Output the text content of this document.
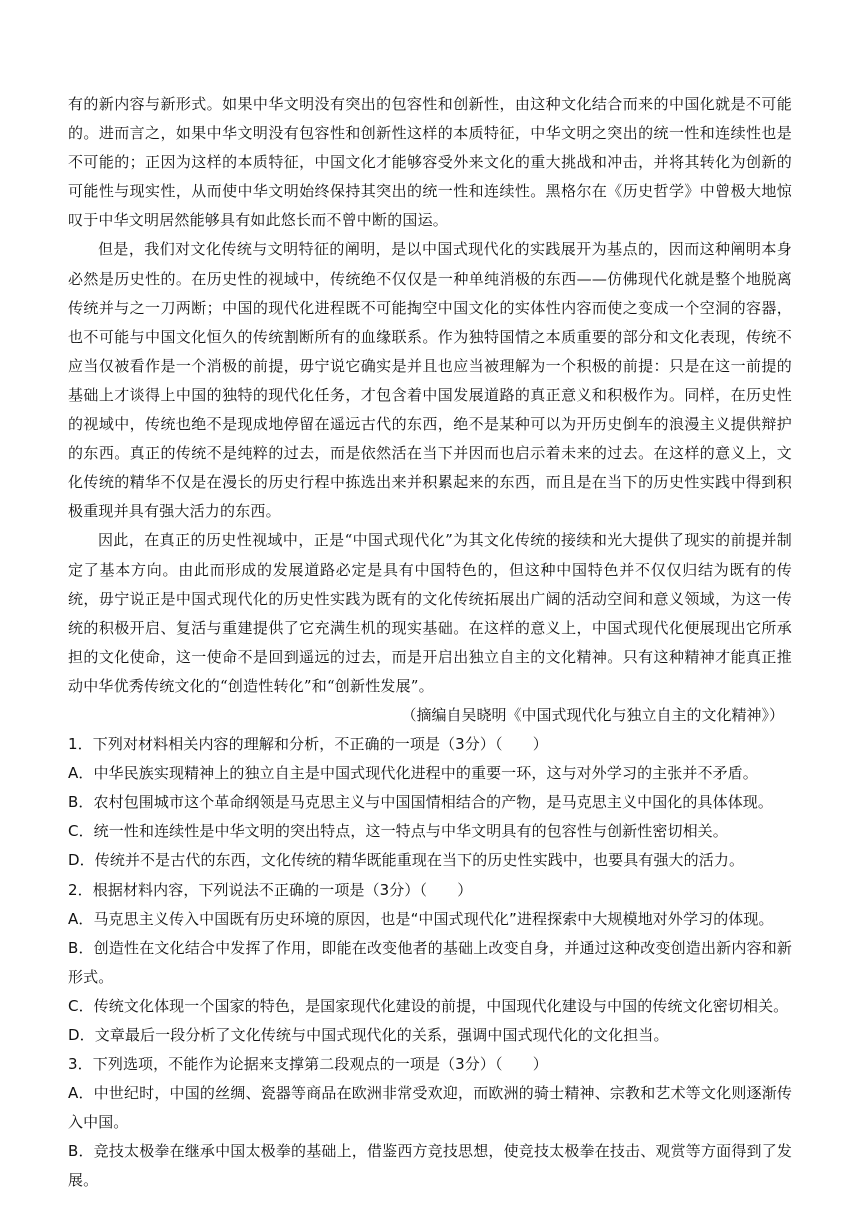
有的新内容与新形式。如果中华文明没有突出的包容性和创新性，由这种文化结合而来的中国化就是不可能的。进而言之，如果中华文明没有包容性和创新性这样的本质特征，中华文明之突出的统一性和连续性也是不可能的；正因为这样的本质特征，中国文化才能够容受外来文化的重大挑战和冲击，并将其转化为创新的可能性与现实性，从而使中华文明始终保持其突出的统一性和连续性。黑格尔在《历史哲学》中曾极大地惊叹于中华文明居然能够具有如此悠长而不曾中断的国运。

但是，我们对文化传统与文明特征的阐明，是以中国式现代化的实践展开为基点的，因而这种阐明本身必然是历史性的。在历史性的视域中，传统绝不仅仅是一种单纯消极的东西——仿佛现代化就是整个地脱离传统并与之一刀两断；中国的现代化进程既不可能掏空中国文化的实体性内容而使之变成一个空洞的容器，也不可能与中国文化恒久的传统割断所有的血缘联系。作为独特国情之本质重要的部分和文化表现，传统不应当仅被看作是一个消极的前提，毋宁说它确实是并且也应当被理解为一个积极的前提：只是在这一前提的基础上才谈得上中国的独特的现代化任务，才包含着中国发展道路的真正意义和积极作为。同样，在历史性的视域中，传统也绝不是现成地停留在遥远古代的东西，绝不是某种可以为开历史倒车的浪漫主义提供辩护的东西。真正的传统不是纯粹的过去，而是依然活在当下并因而也启示着未来的过去。在这样的意义上，文化传统的精华不仅是在漫长的历史行程中拣选出来并积累起来的东西，而且是在当下的历史性实践中得到积极重现并具有强大活力的东西。

因此，在真正的历史性视域中，正是“中国式现代化”为其文化传统的接续和光大提供了现实的前提并制定了基本方向。由此而形成的发展道路必定是具有中国特色的，但这种中国特色并不仅仅归结为既有的传统，毋宁说正是中国式现代化的历史性实践为既有的文化传统拓展出广阔的活动空间和意义领域，为这一传统的积极开启、复活与重建提供了它充满生机的现实基础。在这样的意义上，中国式现代化便展现出它所承担的文化使命，这一使命不是回到遥远的过去，而是开启出独立自主的文化精神。只有这种精神才能真正推动中华优秀传统文化的“创造性转化”和“创新性发展”。

（摘编自吴晓明《中国式现代化与独立自主的文化精神》）

1．下列对材料相关内容的理解和分析，不正确的一项是（3分）（　　）

A．中华民族实现精神上的独立自主是中国式现代化进程中的重要一环，这与对外学习的主张并不矛盾。

B．农村包围城市这个革命纲领是马克思主义与中国国情相结合的产物，是马克思主义中国化的具体体现。

C．统一性和连续性是中华文明的突出特点，这一特点与中华文明具有的包容性与创新性密切相关。

D．传统并不是古代的东西，文化传统的精华既能重现在当下的历史性实践中，也要具有强大的活力。

2．根据材料内容，下列说法不正确的一项是（3分）（　　）

A．马克思主义传入中国既有历史环境的原因，也是“中国式现代化”进程探索中大规模地对外学习的体现。

B．创造性在文化结合中发挥了作用，即能在改变他者的基础上改变自身，并通过这种改变创造出新内容和新形式。

C．传统文化体现一个国家的特色，是国家现代化建设的前提，中国现代化建设与中国的传统文化密切相关。

D．文章最后一段分析了文化传统与中国式现代化的关系，强调中国式现代化的文化担当。

3．下列选项，不能作为论据来支撑第二段观点的一项是（3分）（　　）

A．中世纪时，中国的丝绸、瓷器等商品在欧洲非常受欢迎，而欧洲的骑士精神、宗教和艺术等文化则逐渐传入中国。

B．竞技太极拳在继承中国太极拳的基础上，借鉴西方竞技思想，使竞技太极拳在技击、观赏等方面得到了发展。
